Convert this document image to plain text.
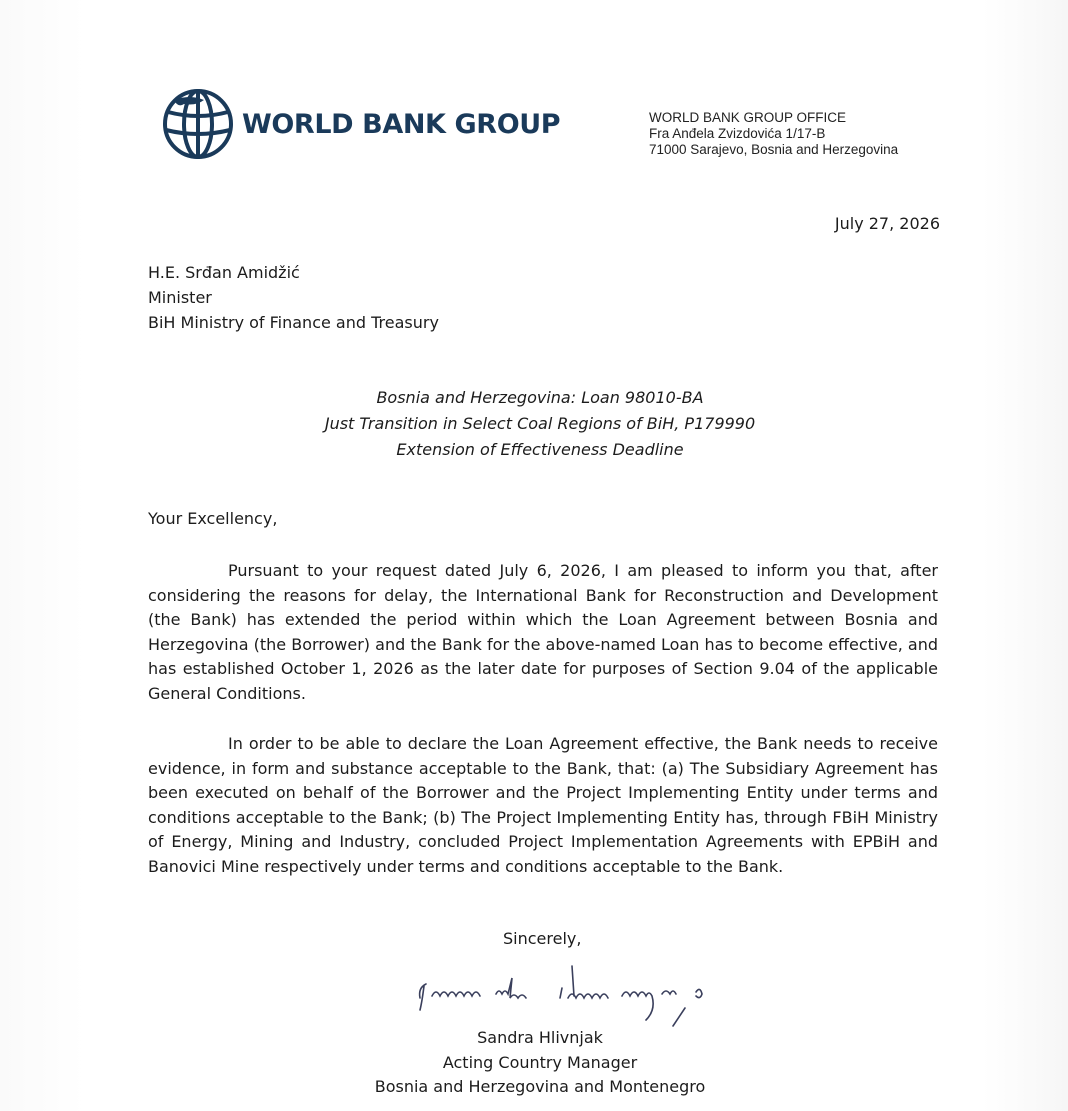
WORLD BANK GROUP	WORLD BANK GROUP OFFICE
Fra Anđela Zvizdovića 1/17-B
71000 Sarajevo, Bosnia and Herzegovina
July 27, 2026
H.E. Srđan Amidžić
Minister
BiH Ministry of Finance and Treasury
Bosnia and Herzegovina: Loan 98010-BA
Just Transition in Select Coal Regions of BiH, P179990
Extension of Effectiveness Deadline
Your Excellency,

Pursuant to your request dated July 6, 2026, I am pleased to inform you that, after considering the reasons for delay, the International Bank for Reconstruction and Development (the Bank) has extended the period within which the Loan Agreement between Bosnia and Herzegovina (the Borrower) and the Bank for the above-named Loan has to become effective, and has established October 1, 2026 as the later date for purposes of Section 9.04 of the applicable General Conditions.

In order to be able to declare the Loan Agreement effective, the Bank needs to receive evidence, in form and substance acceptable to the Bank, that: (a) The Subsidiary Agreement has been executed on behalf of the Borrower and the Project Implementing Entity under terms and conditions acceptable to the Bank; (b) The Project Implementing Entity has, through FBiH Ministry of Energy, Mining and Industry, concluded Project Implementation Agreements with EPBiH and Banovici Mine respectively under terms and conditions acceptable to the Bank.

Sincerely,
Sandra Hlivnjak
Acting Country Manager
Bosnia and Herzegovina and Montenegro
